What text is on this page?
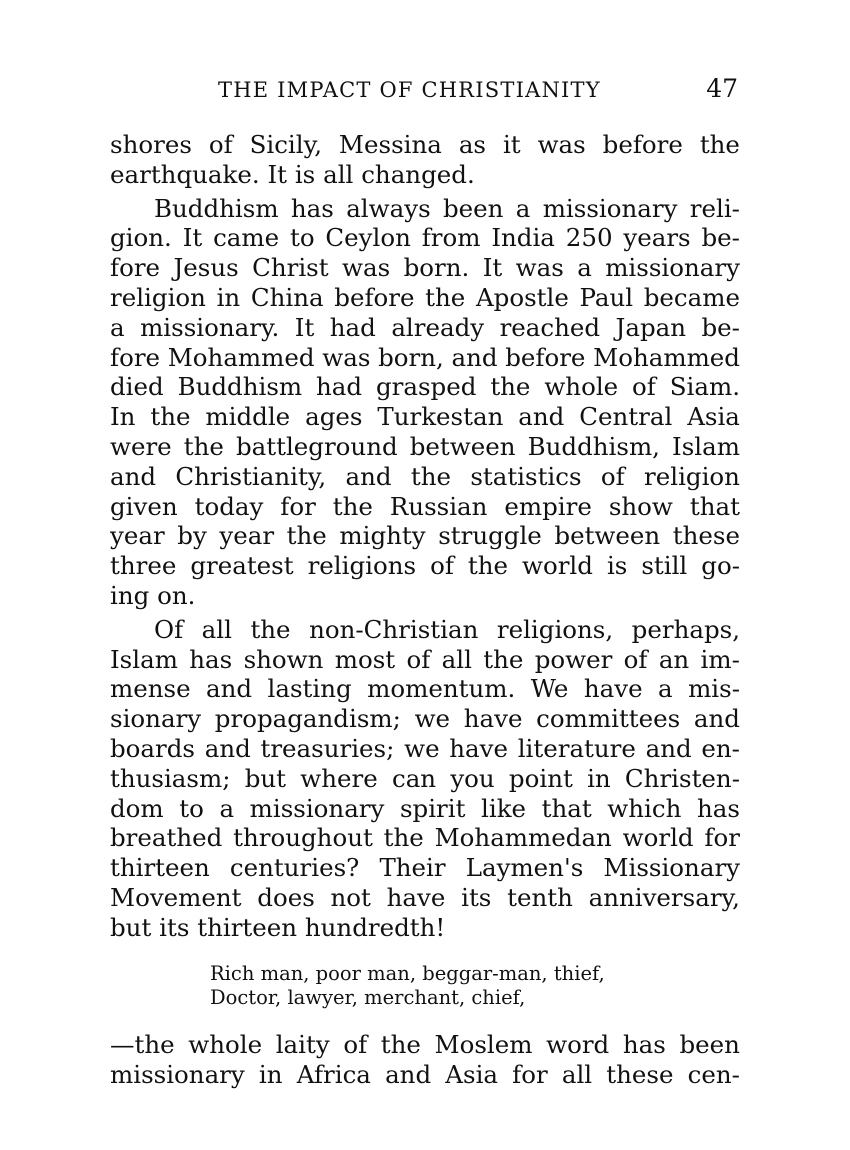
THE IMPACT OF CHRISTIANITY	47
shores of Sicily, Messina as it was before the
earthquake. It is all changed.
Buddhism has always been a missionary reli-
gion. It came to Ceylon from India 250 years be-
fore Jesus Christ was born. It was a missionary
religion in China before the Apostle Paul became
a missionary. It had already reached Japan be-
fore Mohammed was born, and before Mohammed
died Buddhism had grasped the whole of Siam.
In the middle ages Turkestan and Central Asia
were the battleground between Buddhism, Islam
and Christianity, and the statistics of religion
given today for the Russian empire show that
year by year the mighty struggle between these
three greatest religions of the world is still go-
ing on.
Of all the non-Christian religions, perhaps,
Islam has shown most of all the power of an im-
mense and lasting momentum. We have a mis-
sionary propagandism; we have committees and
boards and treasuries; we have literature and en-
thusiasm; but where can you point in Christen-
dom to a missionary spirit like that which has
breathed throughout the Mohammedan world for
thirteen centuries? Their Laymen's Missionary
Movement does not have its tenth anniversary,
but its thirteen hundredth!
Rich man, poor man, beggar-man, thief,
Doctor, lawyer, merchant, chief,
—the whole laity of the Moslem word has been
missionary in Africa and Asia for all these cen-
